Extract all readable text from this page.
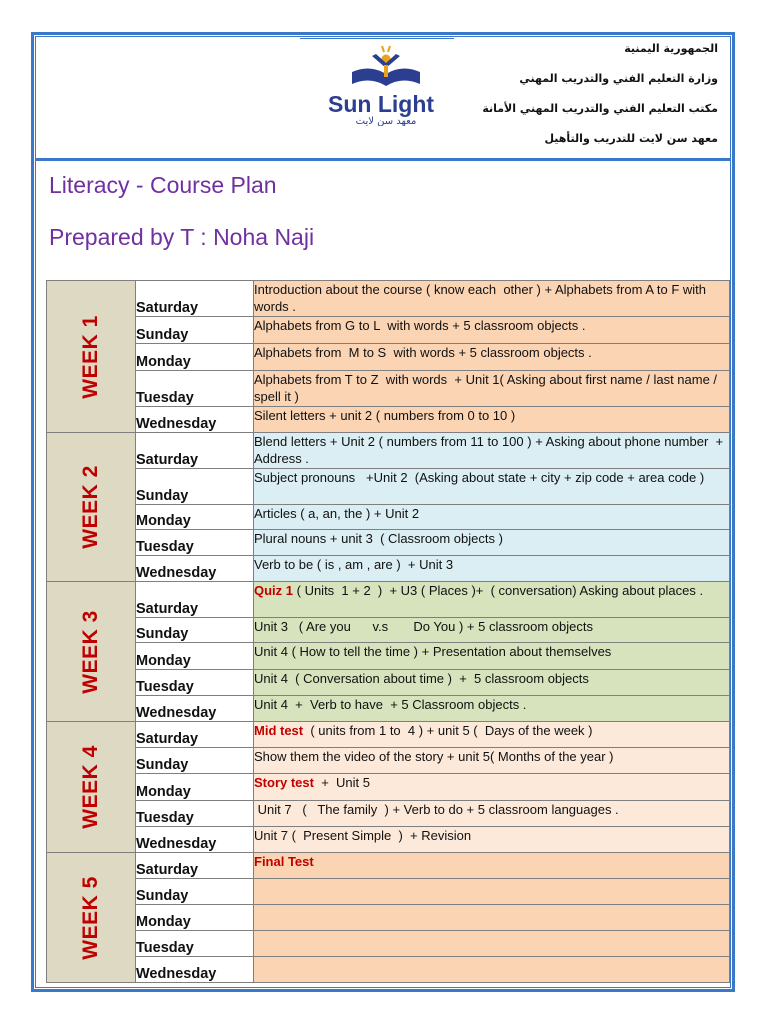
Sun Light
معهد سن لايت
الجمهورية اليمنية
وزارة التعليم الفني والتدريب المهني
مكتب التعليم الفني والتدريب المهني الأمانة
معهد سن لايت للتدريب والتأهيل
Literacy - Course Plan
Prepared by T : Noha Naji
WEEK 1	Saturday	Introduction about the course ( know each  other ) + Alphabets from A to F with words .
	Sunday	Alphabets from G to L  with words + 5 classroom objects .
	Monday	Alphabets from  M to S  with words + 5 classroom objects .
	Tuesday	Alphabets from T to Z  with words  + Unit 1( Asking about first name / last name / spell it )
	Wednesday	Silent letters + unit 2 ( numbers from 0 to 10 )

WEEK 2	Saturday	Blend letters + Unit 2 ( numbers from 11 to 100 ) + Asking about phone number  + Address .
	Sunday	Subject pronouns   +Unit 2  (Asking about state + city + zip code + area code )
	Monday	Articles ( a, an, the ) + Unit 2
	Tuesday	Plural nouns + unit 3  ( Classroom objects )
	Wednesday	Verb to be ( is , am , are )  + Unit 3

WEEK 3	Saturday	Quiz 1 ( Units  1 + 2  )  + U3 ( Places )+  ( conversation) Asking about places .
	Sunday	Unit 3   ( Are you      v.s       Do You ) + 5 classroom objects
	Monday	Unit 4 ( How to tell the time ) + Presentation about themselves
	Tuesday	Unit 4  ( Conversation about time )  +  5 classroom objects
	Wednesday	Unit 4  +  Verb to have  + 5 Classroom objects .

WEEK 4	Saturday	Mid test  ( units from 1 to  4 ) + unit 5 (  Days of the week )
	Sunday	Show them the video of the story + unit 5( Months of the year )
	Monday	Story test  +  Unit 5
	Tuesday	Unit 7   (   The family  ) + Verb to do + 5 classroom languages .
	Wednesday	Unit 7 (  Present Simple  )  + Revision

WEEK 5	Saturday	Final Test
	Sunday	
	Monday	
	Tuesday	
	Wednesday	
